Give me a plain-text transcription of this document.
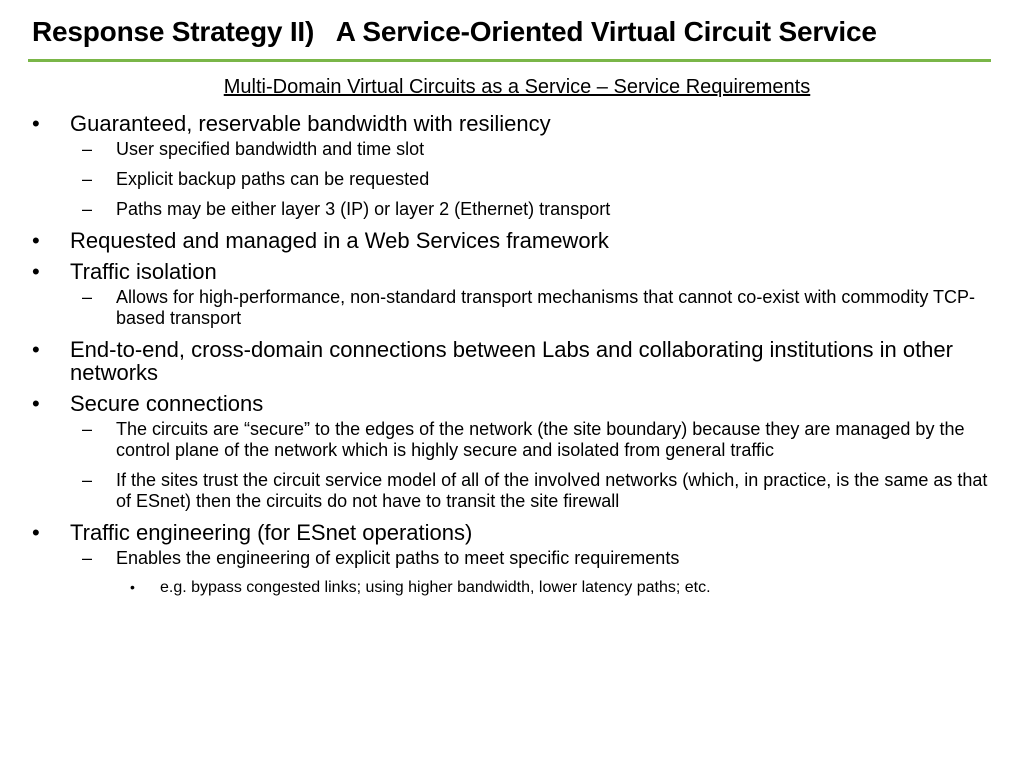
Response Strategy II)   A Service-Oriented Virtual Circuit Service
Multi-Domain Virtual Circuits as a Service – Service Requirements
• Guaranteed, reservable bandwidth with resiliency
– User specified bandwidth and time slot
– Explicit backup paths can be requested
– Paths may be either layer 3 (IP) or layer 2 (Ethernet) transport
• Requested and managed in a Web Services framework
• Traffic isolation
– Allows for high-performance, non-standard transport mechanisms that cannot co-exist with commodity TCP-based transport
• End-to-end, cross-domain connections between Labs and collaborating institutions in other networks
• Secure connections
– The circuits are “secure” to the edges of the network (the site boundary) because they are managed by the control plane of the network which is highly secure and isolated from general traffic
– If the sites trust the circuit service model of all of the involved networks (which, in practice, is the same as that of ESnet) then the circuits do not have to transit the site firewall
• Traffic engineering (for ESnet operations)
– Enables the engineering of explicit paths to meet specific requirements
• e.g. bypass congested links; using higher bandwidth, lower latency paths; etc.
